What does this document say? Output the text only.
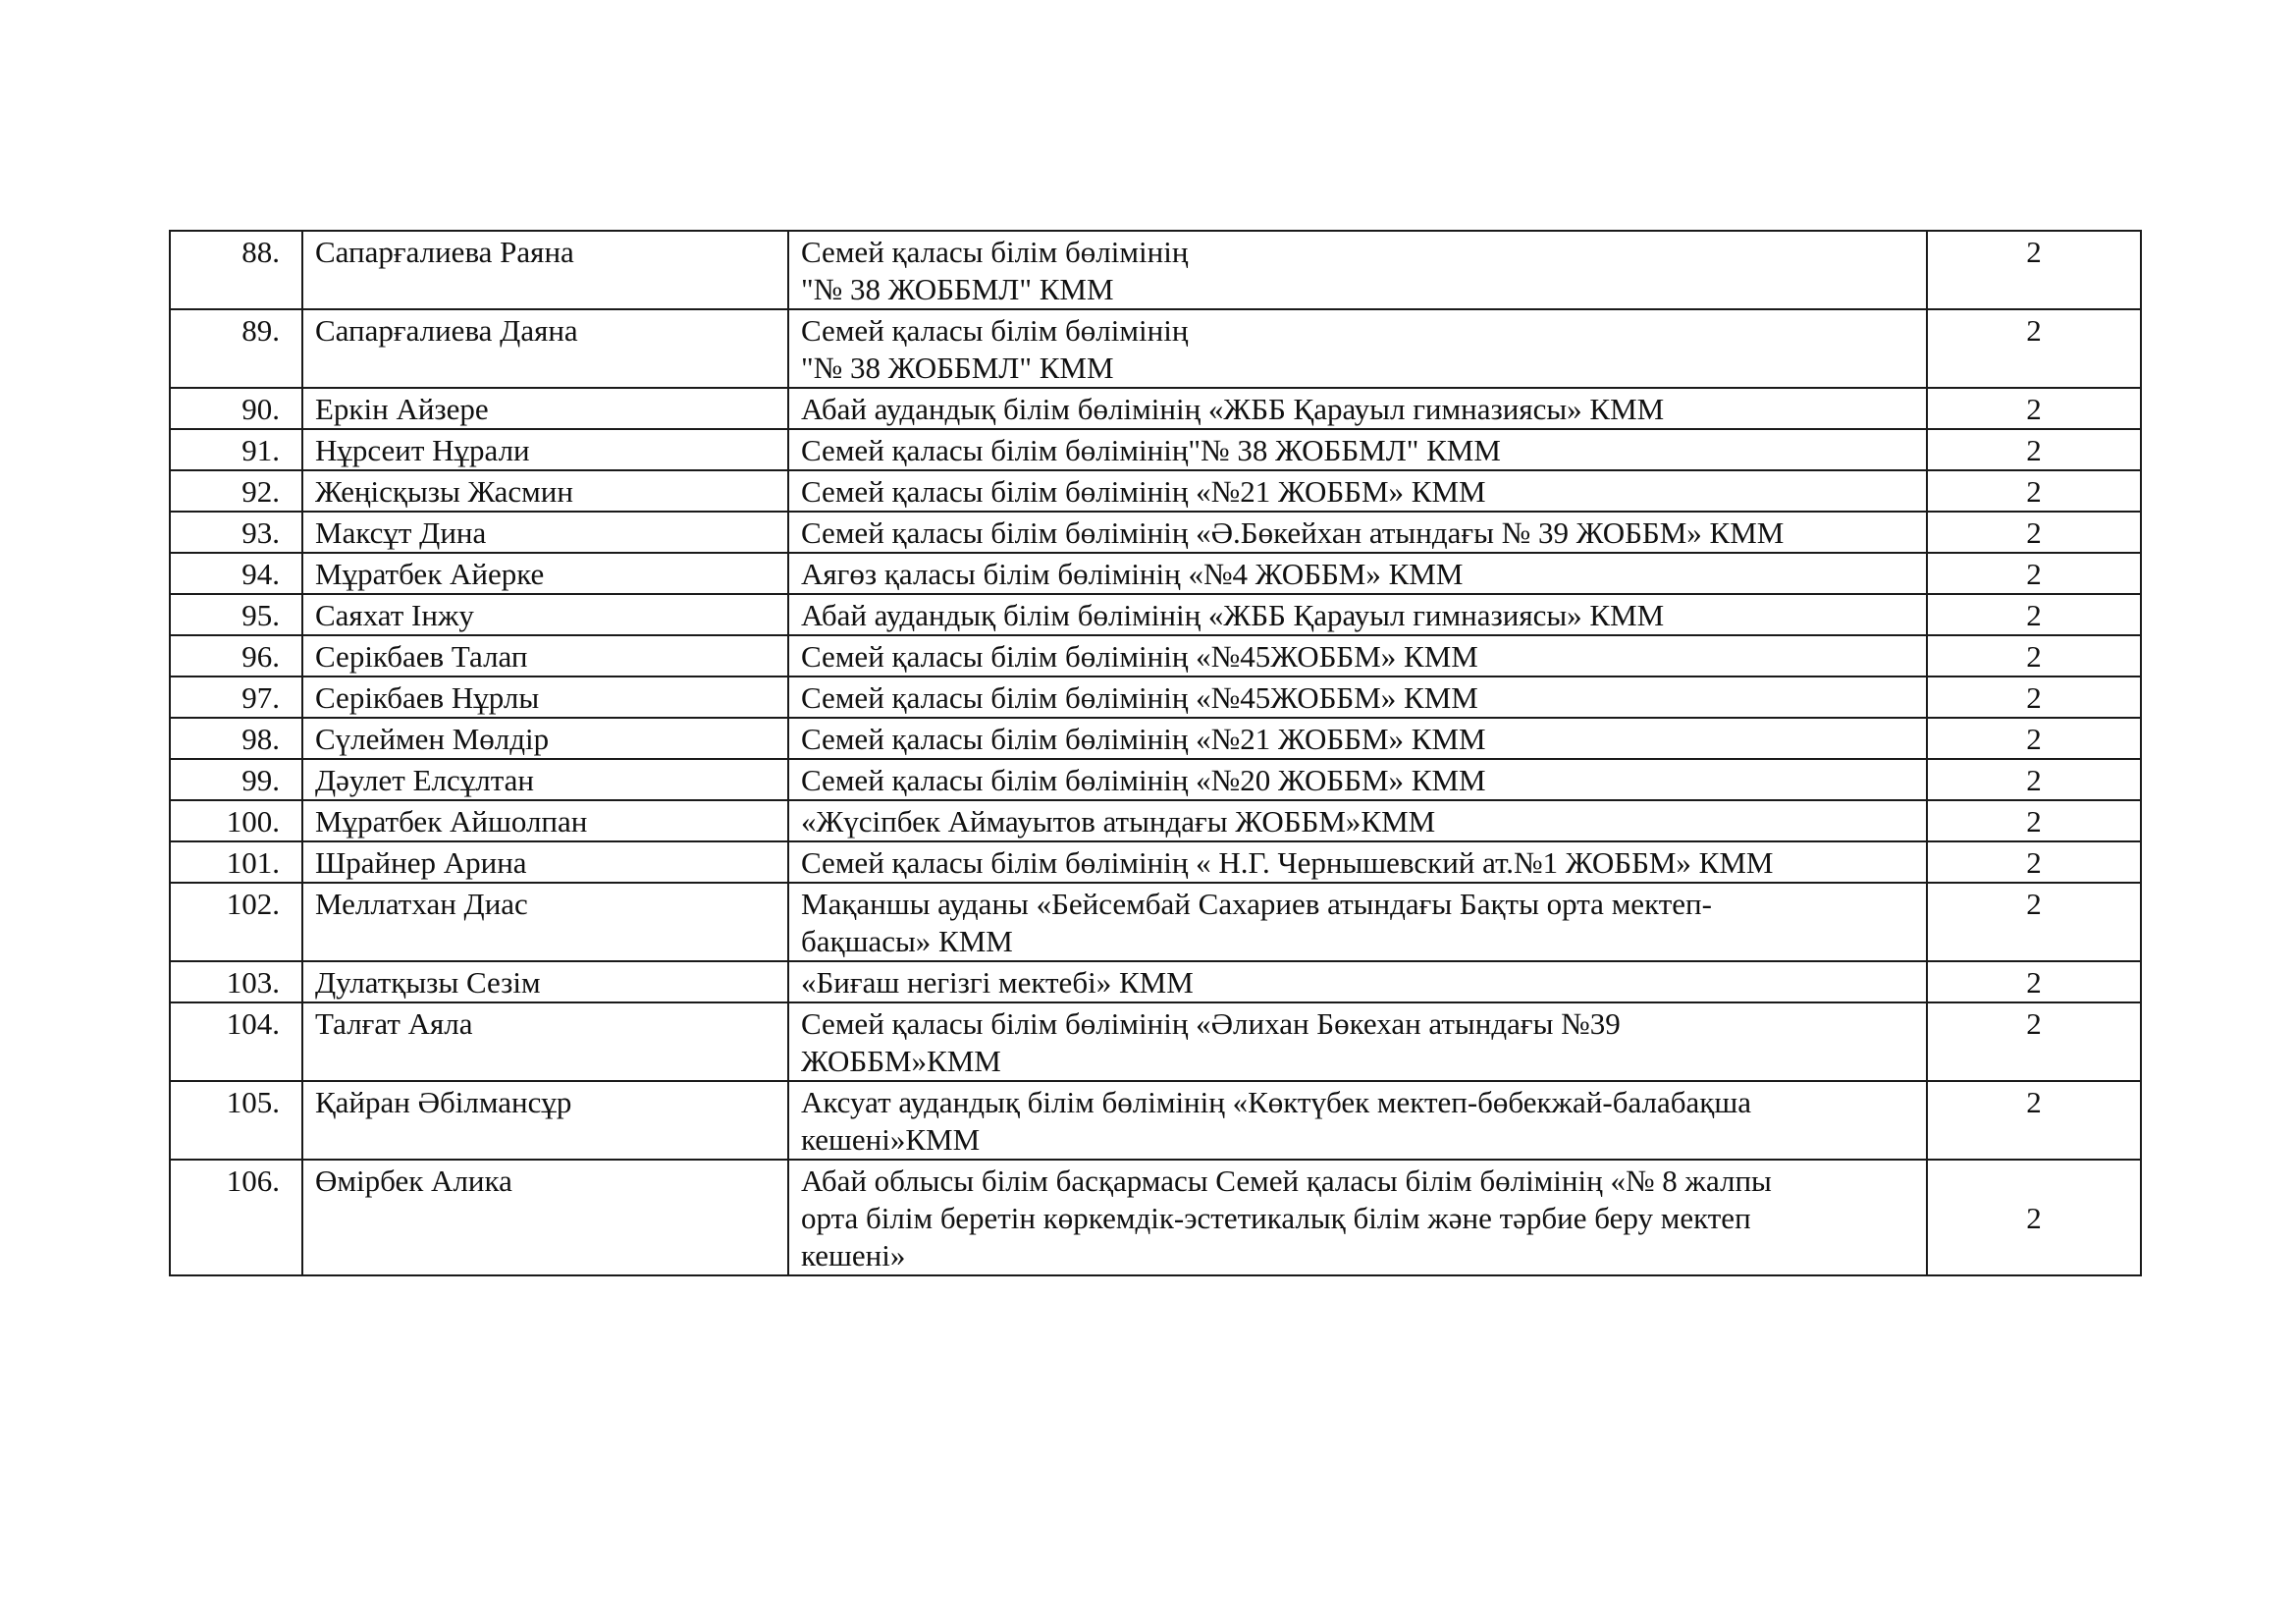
88.	Сапарғалиева Раяна	Семей қаласы білім бөлімінің
"№ 38 ЖОББМЛ" КММ	2
89.	Сапарғалиева Даяна	Семей қаласы білім бөлімінің
"№ 38 ЖОББМЛ" КММ	2
90.	Еркін Айзере	Абай аудандық білім бөлімінің «ЖББ Қарауыл гимназиясы» КММ	2
91.	Нұрсеит Нұрали	Семей қаласы білім бөлімінің"№ 38 ЖОББМЛ" КММ	2
92.	Жеңісқызы Жасмин	Семей қаласы білім бөлімінің «№21 ЖОББМ» КММ	2
93.	Максұт Дина	Семей қаласы білім бөлімінің «Ә.Бөкейхан атындағы № 39 ЖОББМ» КММ	2
94.	Мұратбек Айерке	Аягөз қаласы білім бөлімінің «№4 ЖОББМ» КММ	2
95.	Саяхат Інжу	Абай аудандық білім бөлімінің «ЖББ Қарауыл гимназиясы» КММ	2
96.	Серікбаев Талап	Семей қаласы білім бөлімінің «№45ЖОББМ» КММ	2
97.	Серікбаев Нұрлы	Семей қаласы білім бөлімінің «№45ЖОББМ» КММ	2
98.	Сүлеймен Мөлдір	Семей қаласы білім бөлімінің «№21 ЖОББМ» КММ	2
99.	Дәулет Елсұлтан	Семей қаласы білім бөлімінің «№20 ЖОББМ» КММ	2
100.	Мұратбек Айшолпан	«Жүсіпбек Аймауытов атындағы ЖОББМ»КММ	2
101.	Шрайнер Арина	Семей қаласы білім бөлімінің « Н.Г. Чернышевский ат.№1 ЖОББМ» КММ	2
102.	Меллатхан Диас	Мақаншы ауданы «Бейсембай Сахариев атындағы Бақты орта мектеп-
бақшасы» КММ	2
103.	Дулатқызы Сезім	«Биғаш негізгі мектебі» КММ	2
104.	Талғат Аяла	Семей қаласы білім бөлімінің «Әлихан Бөкехан атындағы №39
ЖОББМ»КММ	2
105.	Қайран Әбілмансұр	Аксуат аудандық білім бөлімінің «Көктүбек мектеп-бөбекжай-балабақша
кешені»КММ	2
106.	Өмірбек Алика	Абай облысы білім басқармасы Семей қаласы білім бөлімінің «№ 8 жалпы
орта білім беретін көркемдік-эстетикалық білім және тәрбие беру мектеп
кешені»	2
